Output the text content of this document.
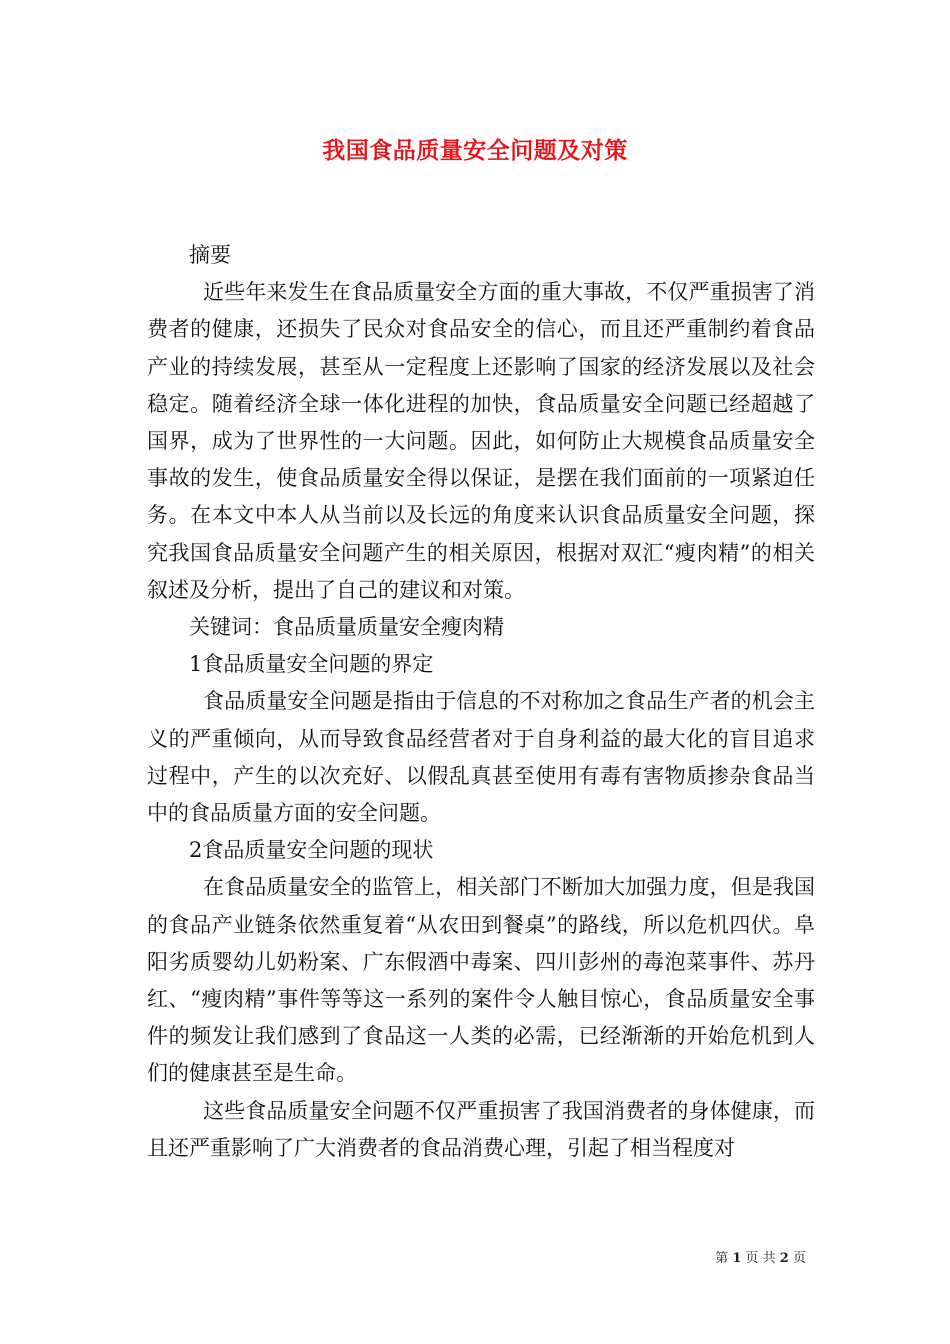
我国食品质量安全问题及对策

摘要

近些年来发生在食品质量安全方面的重大事故，不仅严重损害了消费者的健康，还损失了民众对食品安全的信心，而且还严重制约着食品产业的持续发展，甚至从一定程度上还影响了国家的经济发展以及社会稳定。随着经济全球一体化进程的加快，食品质量安全问题已经超越了国界，成为了世界性的一大问题。因此，如何防止大规模食品质量安全事故的发生，使食品质量安全得以保证，是摆在我们面前的一项紧迫任务。在本文中本人从当前以及长远的角度来认识食品质量安全问题，探究我国食品质量安全问题产生的相关原因，根据对双汇“瘦肉精”的相关叙述及分析，提出了自己的建议和对策。

关键词：食品质量质量安全瘦肉精

1食品质量安全问题的界定

食品质量安全问题是指由于信息的不对称加之食品生产者的机会主义的严重倾向，从而导致食品经营者对于自身利益的最大化的盲目追求过程中，产生的以次充好、以假乱真甚至使用有毒有害物质掺杂食品当中的食品质量方面的安全问题。

2食品质量安全问题的现状

在食品质量安全的监管上，相关部门不断加大加强力度，但是我国的食品产业链条依然重复着“从农田到餐桌”的路线，所以危机四伏。阜阳劣质婴幼儿奶粉案、广东假酒中毒案、四川彭州的毒泡菜事件、苏丹红、“瘦肉精”事件等等这一系列的案件令人触目惊心，食品质量安全事件的频发让我们感到了食品这一人类的必需，已经渐渐的开始危机到人们的健康甚至是生命。

这些食品质量安全问题不仅严重损害了我国消费者的身体健康，而且还严重影响了广大消费者的食品消费心理，引起了相当程度对

第 1 页 共 2 页
